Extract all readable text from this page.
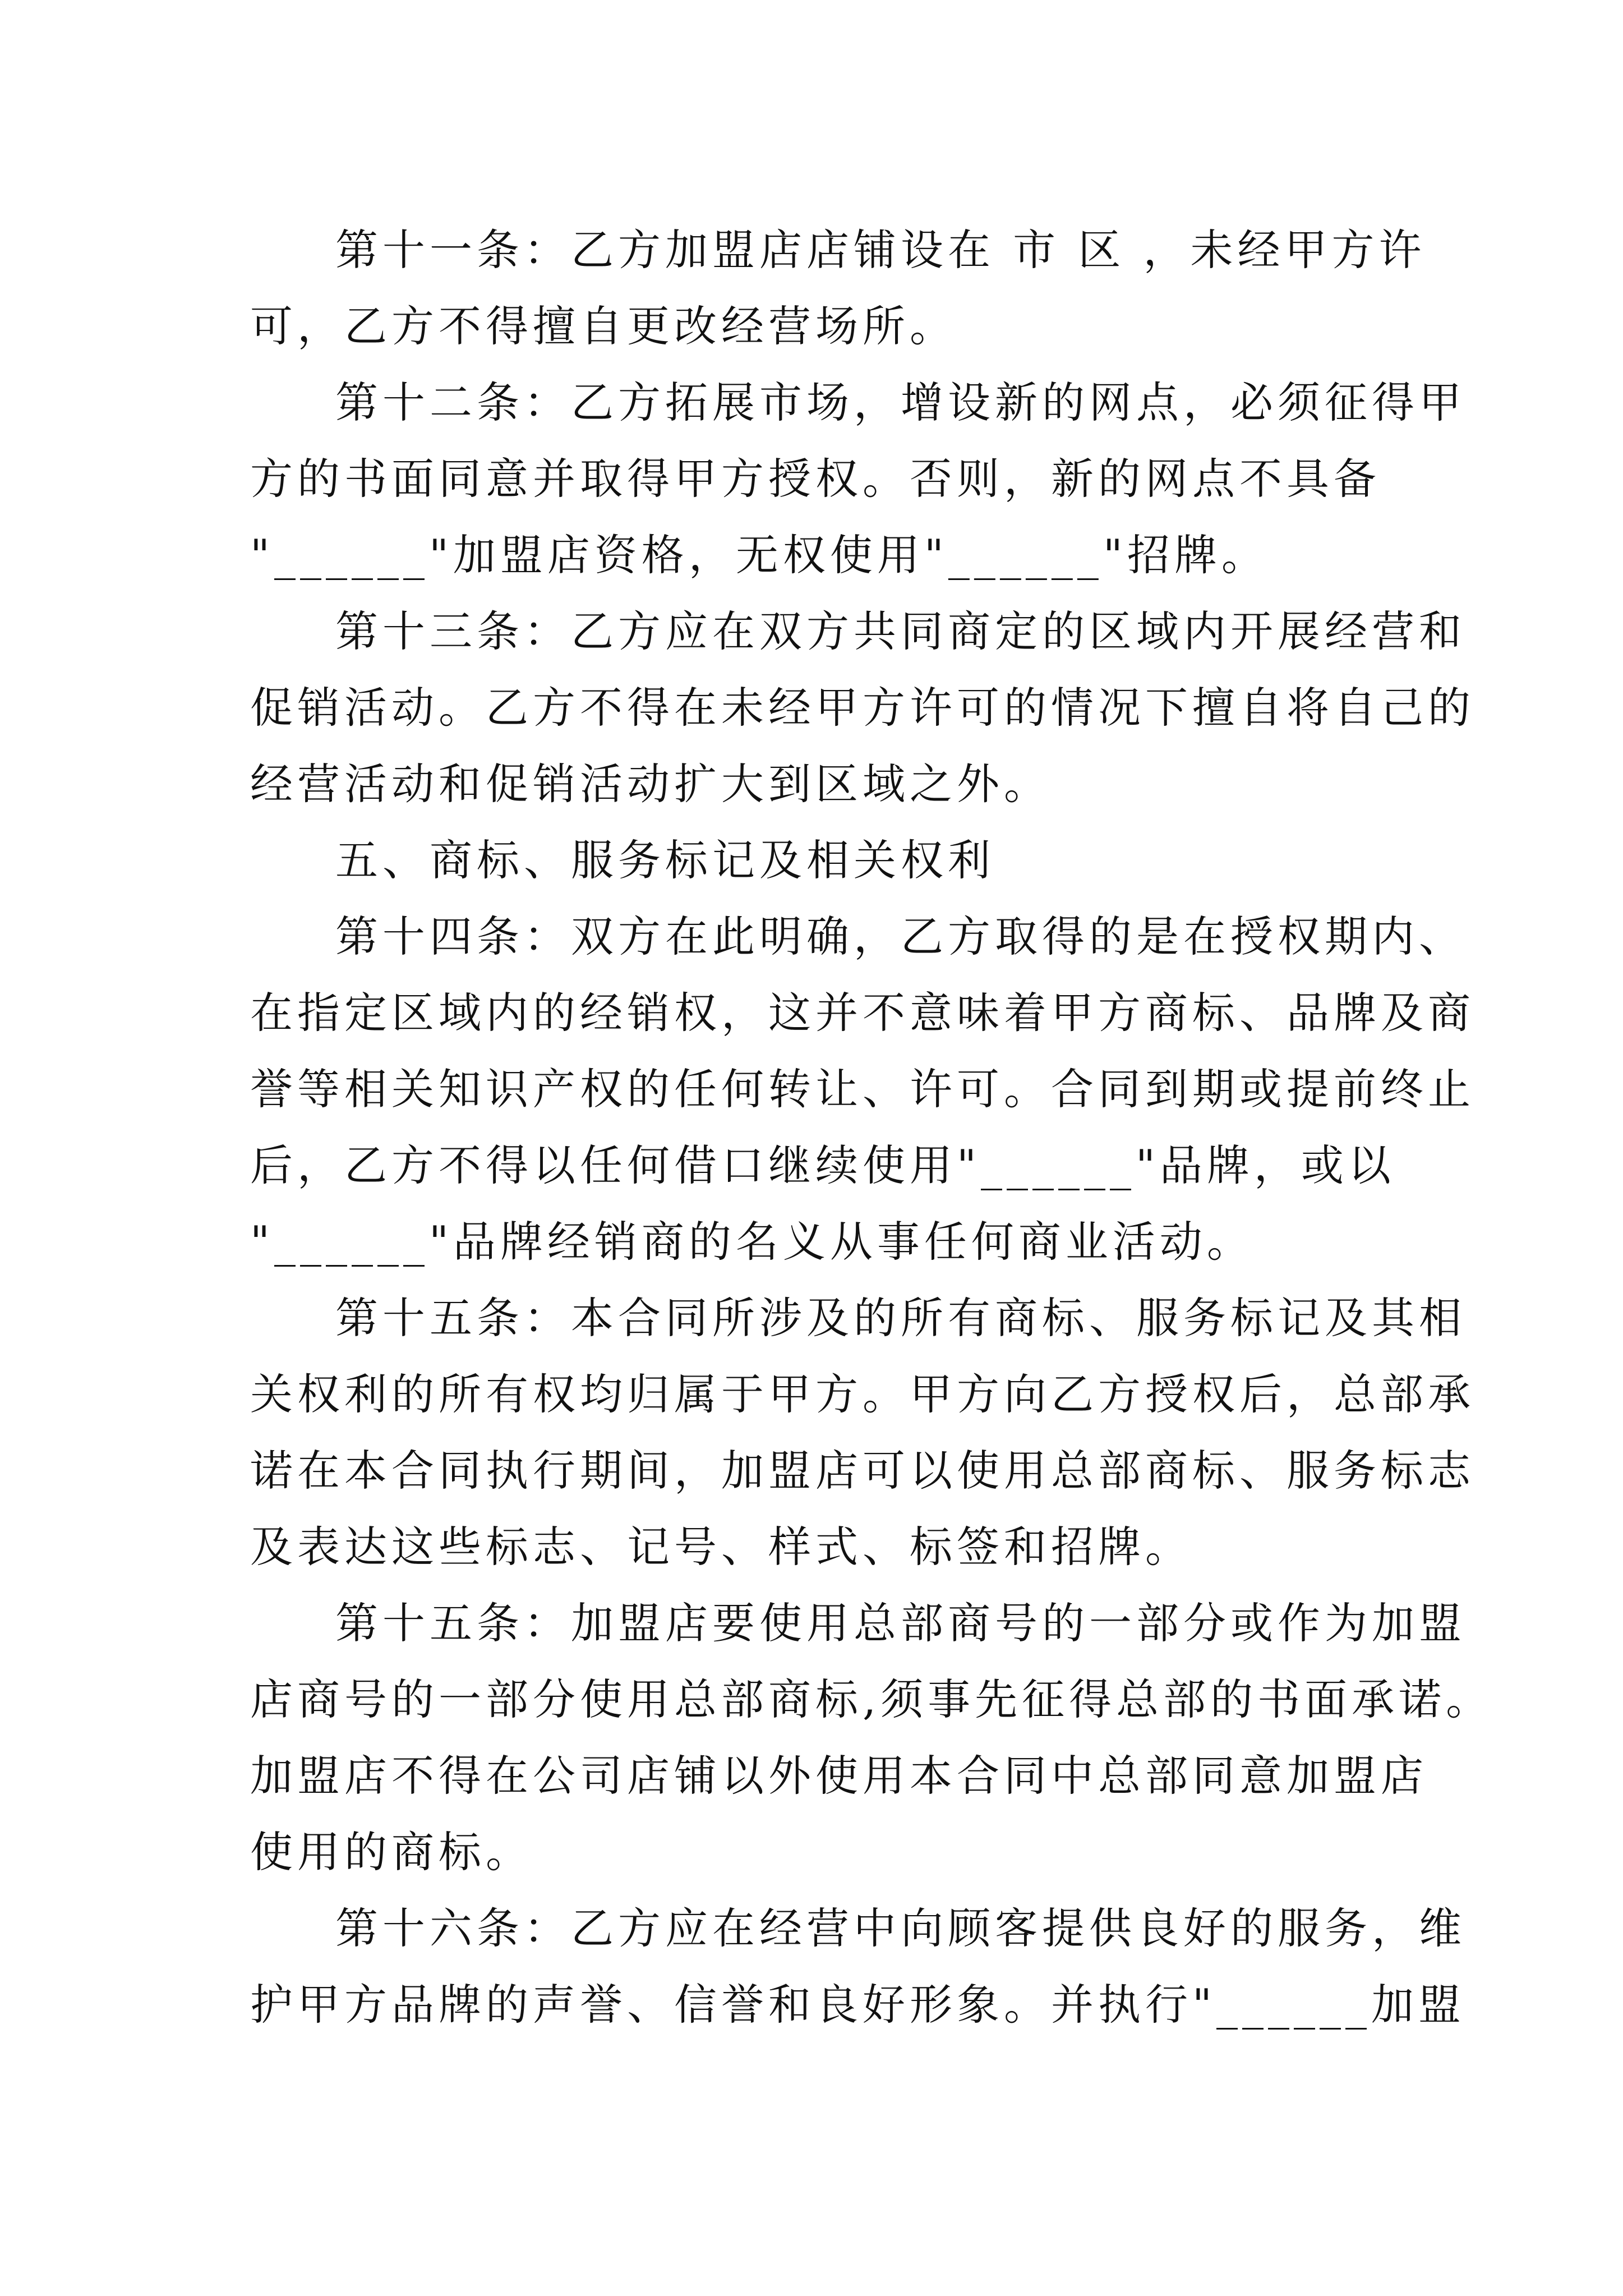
第十一条：乙方加盟店店铺设在 市 区 ，未经甲方许
可，乙方不得擅自更改经营场所。
第十二条：乙方拓展市场，增设新的网点，必须征得甲
方的书面同意并取得甲方授权。否则，新的网点不具备
"______"加盟店资格，无权使用"______"招牌。
第十三条：乙方应在双方共同商定的区域内开展经营和
促销活动。乙方不得在未经甲方许可的情况下擅自将自己的
经营活动和促销活动扩大到区域之外。
五、商标、服务标记及相关权利
第十四条：双方在此明确，乙方取得的是在授权期内、
在指定区域内的经销权，这并不意味着甲方商标、品牌及商
誉等相关知识产权的任何转让、许可。合同到期或提前终止
后，乙方不得以任何借口继续使用"______"品牌，或以
"______"品牌经销商的名义从事任何商业活动。
第十五条：本合同所涉及的所有商标、服务标记及其相
关权利的所有权均归属于甲方。甲方向乙方授权后，总部承
诺在本合同执行期间，加盟店可以使用总部商标、服务标志
及表达这些标志、记号、样式、标签和招牌。
第十五条：加盟店要使用总部商号的一部分或作为加盟
店商号的一部分使用总部商标,须事先征得总部的书面承诺。
加盟店不得在公司店铺以外使用本合同中总部同意加盟店
使用的商标。
第十六条：乙方应在经营中向顾客提供良好的服务，维
护甲方品牌的声誉、信誉和良好形象。并执行"______加盟
